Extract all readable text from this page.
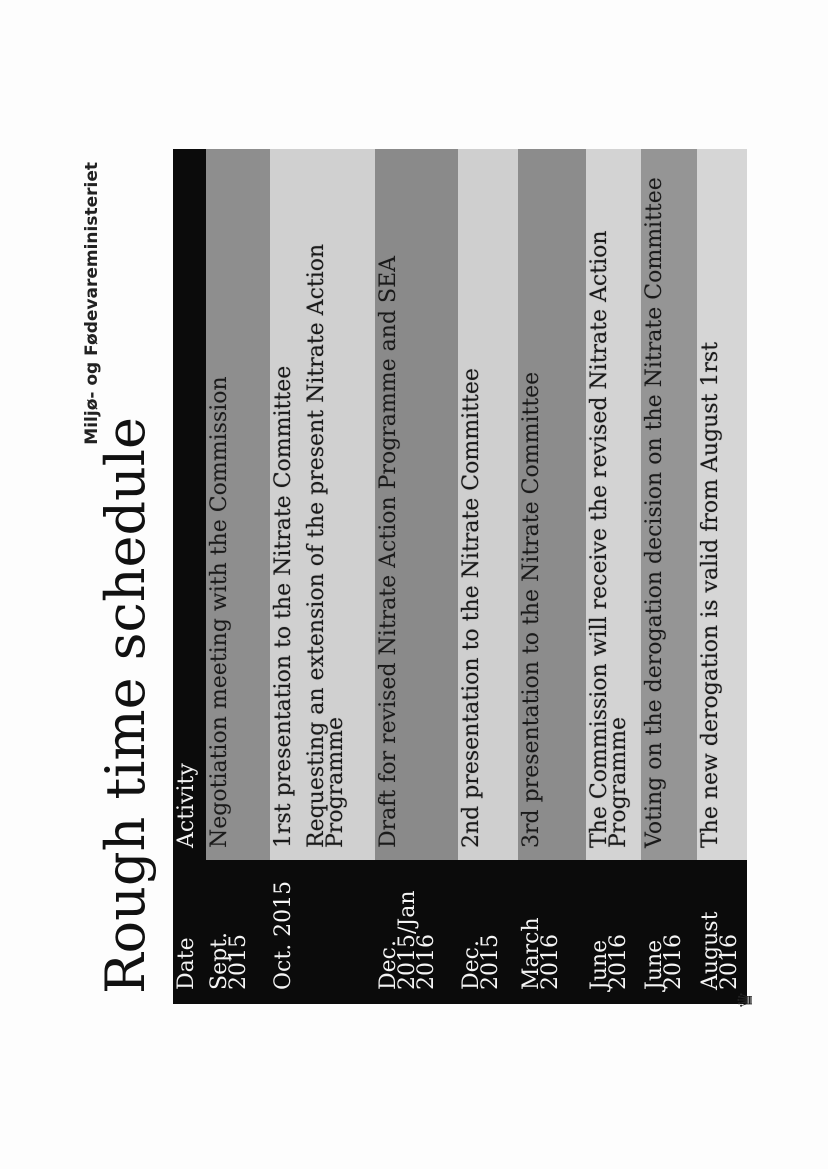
Miljø- og Fødevareministeriet
Rough time schedule Date
Activity
Sept.
2015

Negotiation meeting with the Commission

Oct. 2015

1rst presentation to the Nitrate Committee Requesting an extension of the present Nitrate Action Programme

Dec.
2015/Jan
2016

Draft for revised Nitrate Action Programme and SEA

Dec.
2015

2nd presentation to the Nitrate Committee

March
2016

3rd presentation to the Nitrate Committee

June
2016

The Commission will receive the revised Nitrate Action Programme

June
2016

Voting on the derogation decision on the Nitrate Committee

August
2016

The new derogation is valid from August 1rst

♛
